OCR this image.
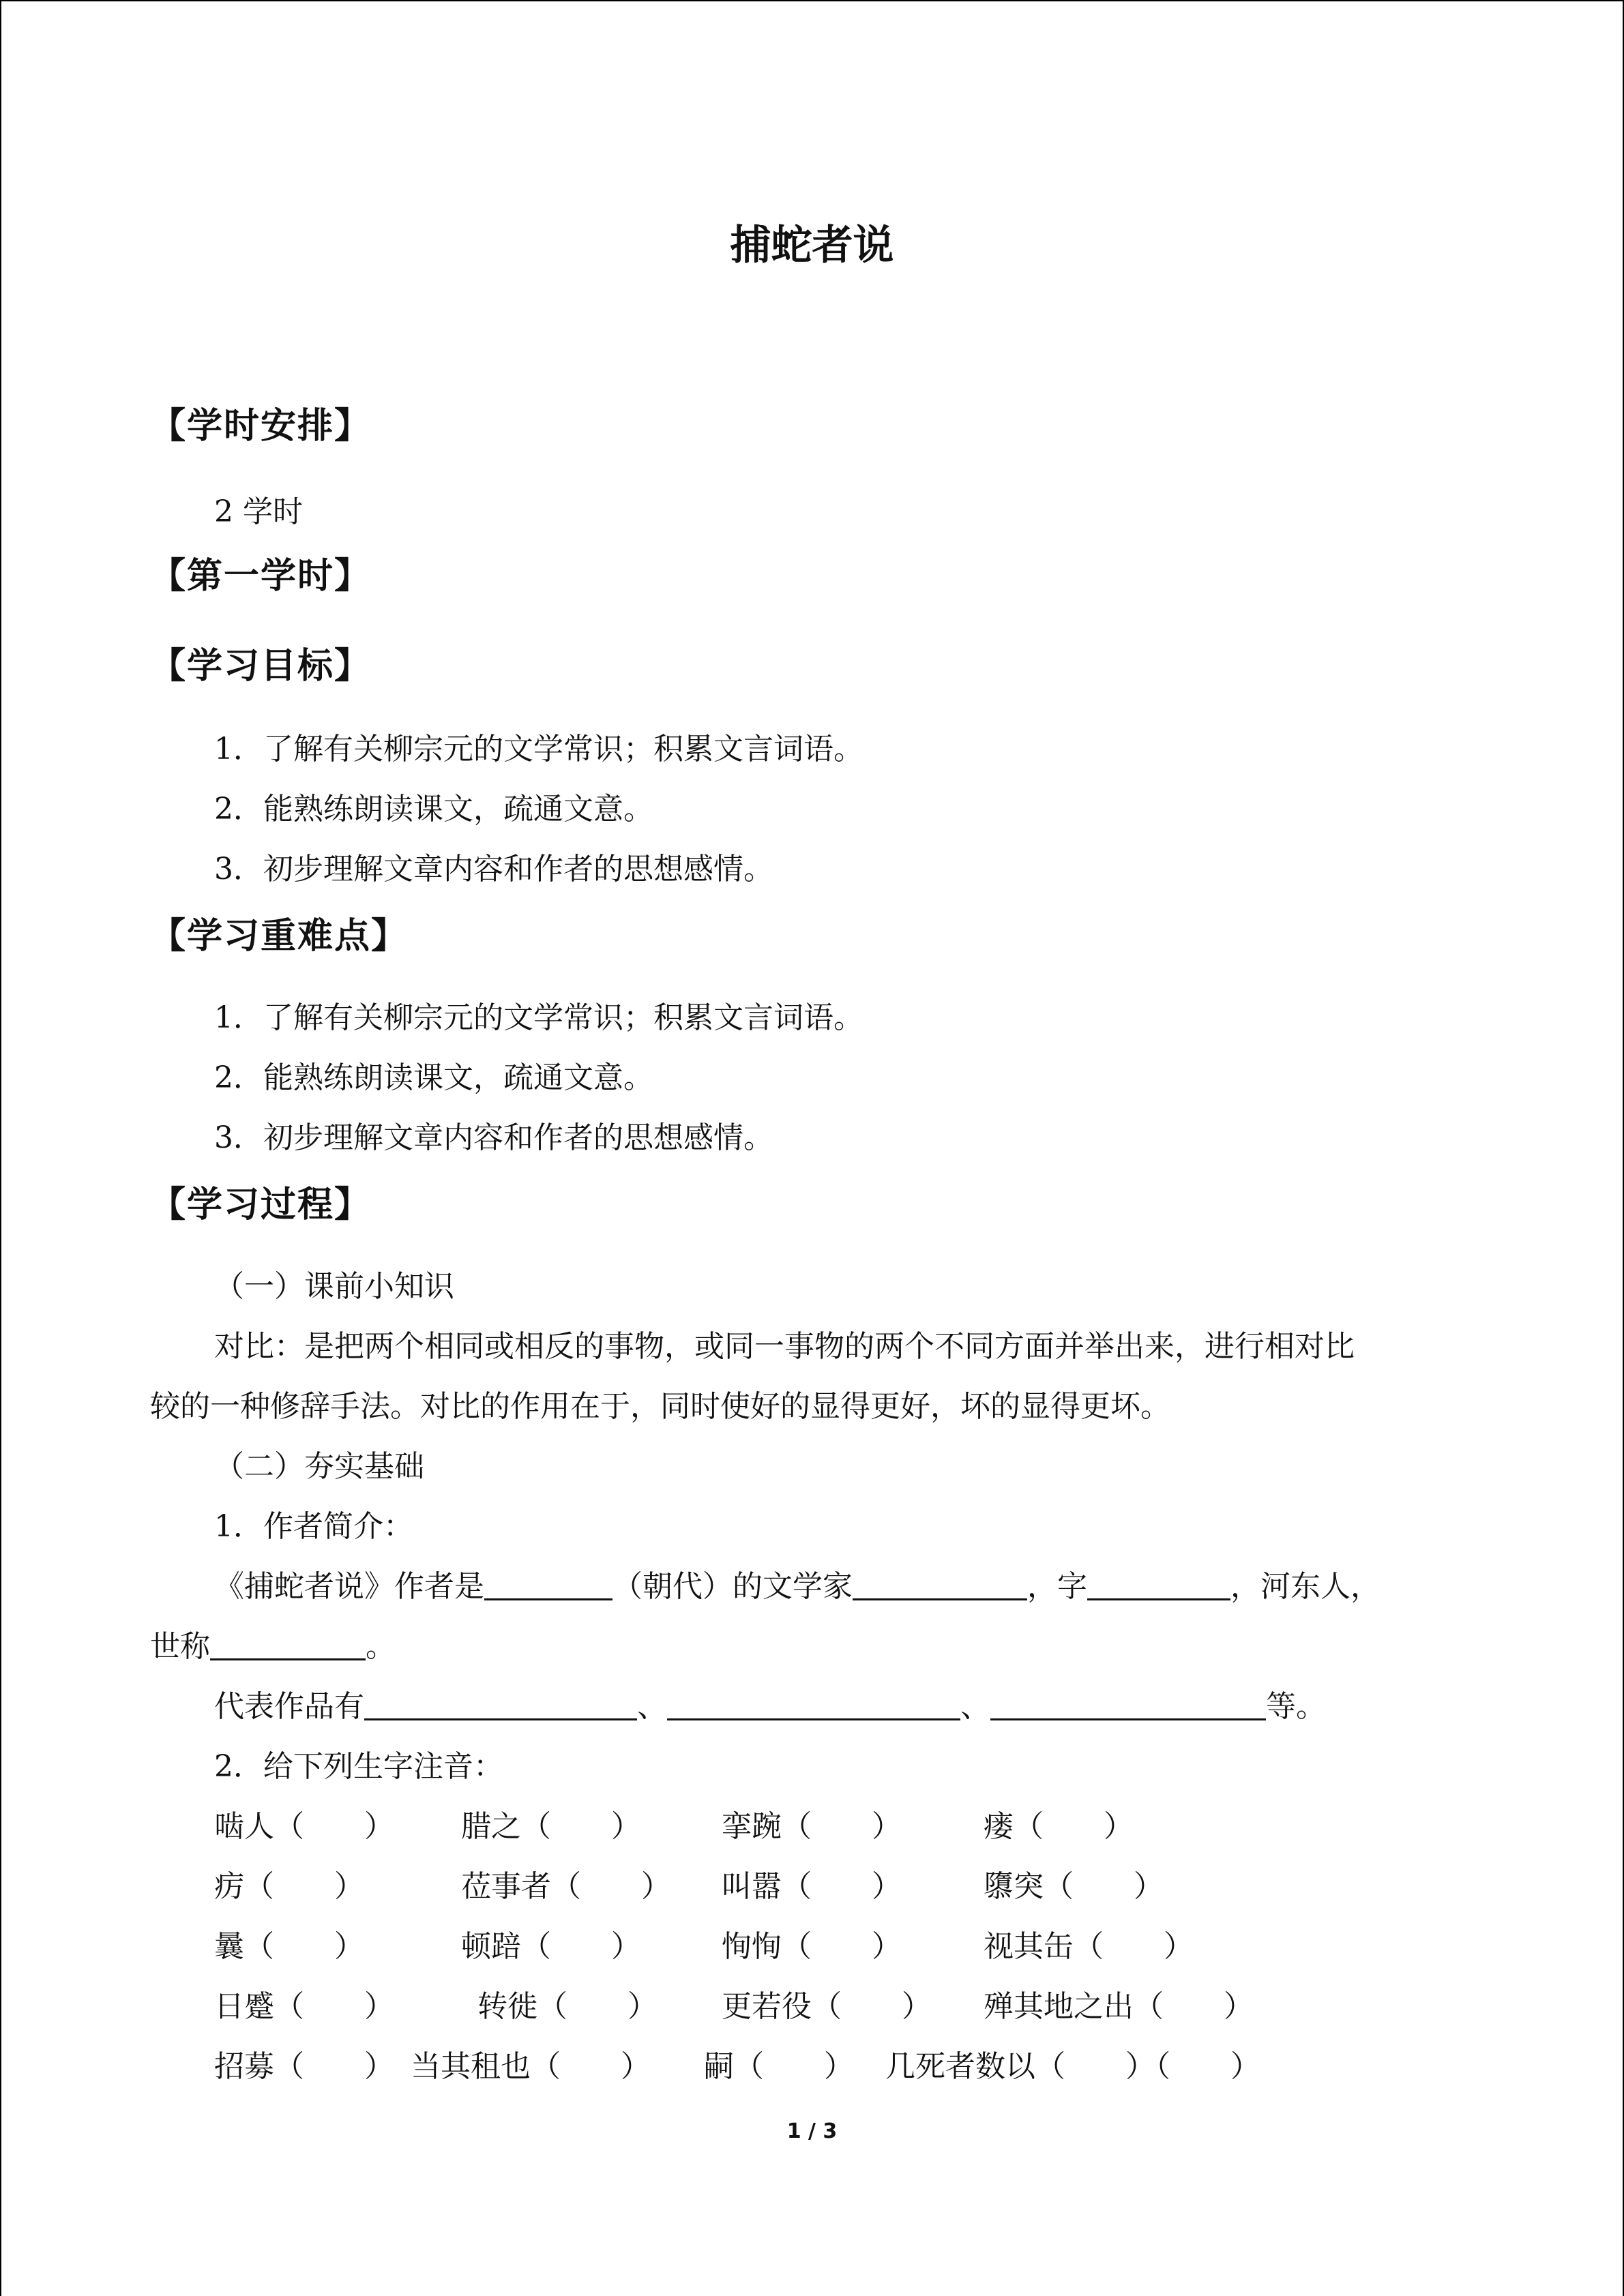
捕蛇者说
【学时安排】
2 学时
【第一学时】
【学习目标】
1．了解有关柳宗元的文学常识；积累文言词语。
2．能熟练朗读课文，疏通文意。
3．初步理解文章内容和作者的思想感情。
【学习重难点】
1．了解有关柳宗元的文学常识；积累文言词语。
2．能熟练朗读课文，疏通文意。
3．初步理解文章内容和作者的思想感情。
【学习过程】
（一）课前小知识
对比：是把两个相同或相反的事物，或同一事物的两个不同方面并举出来，进行相对比
较的一种修辞手法。对比的作用在于，同时使好的显得更好，坏的显得更坏。
（二）夯实基础
1．作者简介：
《捕蛇者说》作者是	（朝代）的文学家	，字	，河东人，
世称	。
代表作品有	、	、	等。
2．给下列生字注音：
啮人（　　） 腊之（　　）	挛踠（　　）	瘘（　　）
疠（　　）	莅事者（　　） 叫嚣（　　）	隳突（　　）
曩（　　）	顿踣（　　）	恂恂（　　）	视其缶（　　）
日蹙（　　）	转徙（　　） 更若役（　　） 殚其地之出（　　）
招募（　　） 当其租也（　　） 嗣（　　） 几死者数以（　　）（　　）
1 / 3
